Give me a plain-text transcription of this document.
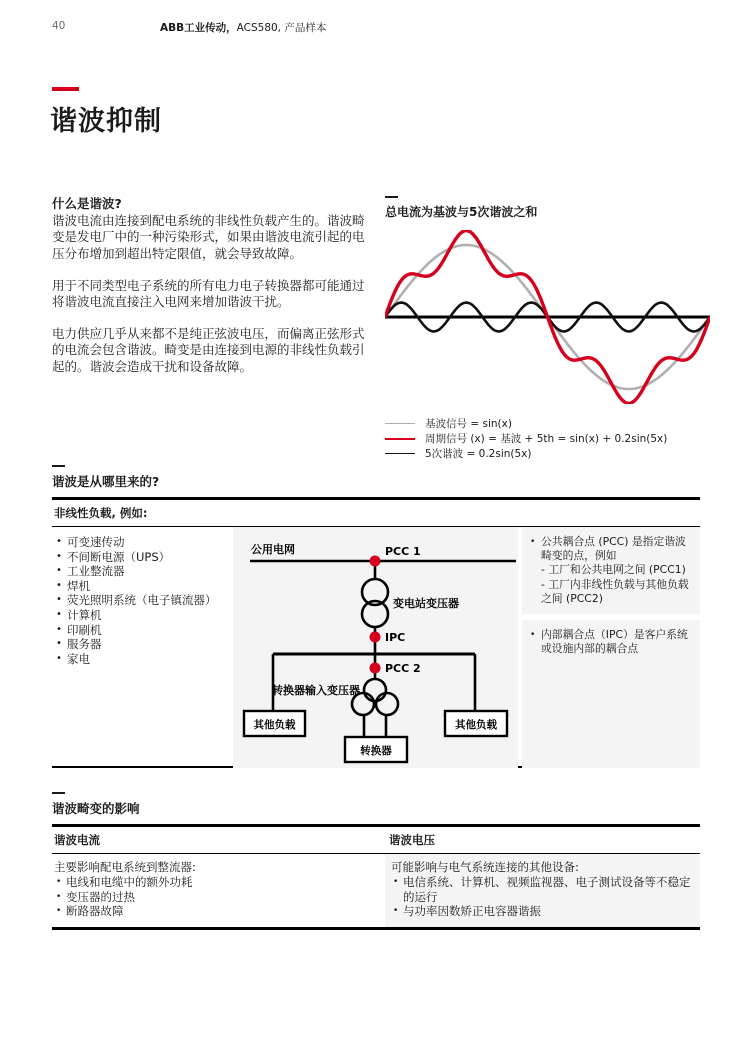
40	ABB工业传动，ACS580, 产品样本
谐波抑制
什么是谐波?

谐波电流由连接到配电系统的非线性负载产生的。谐波畸变是发电厂中的一种污染形式，如果由谐波电流引起的电压分布增加到超出特定限值，就会导致故障。

用于不同类型电子系统的所有电力电子转换器都可能通过将谐波电流直接注入电网来增加谐波干扰。

电力供应几乎从来都不是纯正弦波电压，而偏离正弦形式的电流会包含谐波。畸变是由连接到电源的非线性负载引起的。谐波会造成干扰和设备故障。

总电流为基波与5次谐波之和
基波信号 = sin(x)
周期信号 (x) = 基波 + 5th = sin(x) + 0.2sin(5x)
5次谐波 = 0.2sin(5x)
谐波是从哪里来的?
非线性负载, 例如:
• 可变速传动
• 不间断电源（UPS）
• 工业整流器
• 焊机
• 荧光照明系统（电子镇流器）
• 计算机
• 印刷机
• 服务器
• 家电
公用电网	PCC 1
变电站变压器
IPC
PCC 2
转换器输入变压器
其他负载	其他负载
转换器
• 公共耦合点 (PCC) 是指定谐波畸变的点，例如
- 工厂和公共电网之间 (PCC1)
- 工厂内非线性负载与其他负载之间 (PCC2)
• 内部耦合点（IPC）是客户系统或设施内部的耦合点
谐波畸变的影响
谐波电流	谐波电压
主要影响配电系统到整流器:
• 电线和电缆中的额外功耗
• 变压器的过热
• 断路器故障
可能影响与电气系统连接的其他设备:
• 电信系统、计算机、视频监视器、电子测试设备等不稳定的运行
• 与功率因数矫正电容器谐振
